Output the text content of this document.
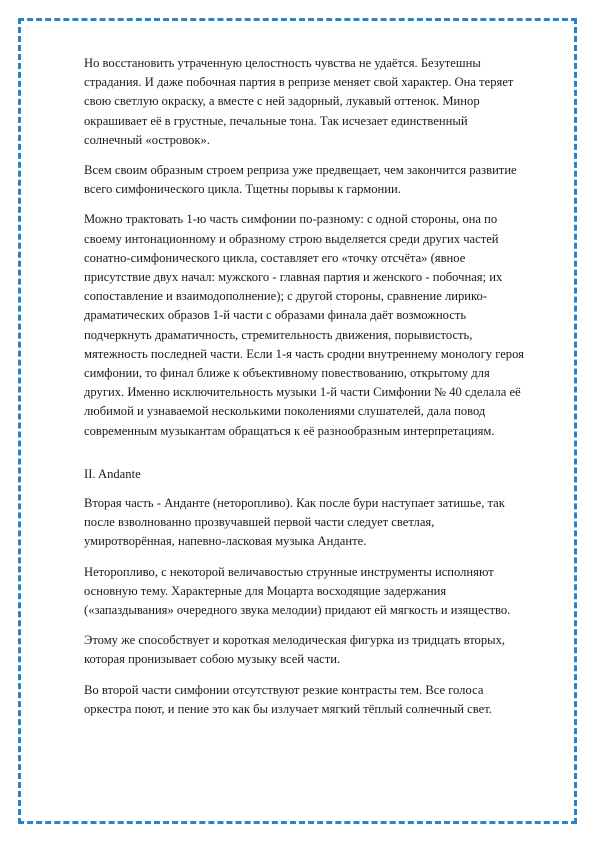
Но восстановить утраченную целостность чувства не удаётся. Безутешны страдания. И даже побочная партия в репризе меняет свой характер. Она теряет свою светлую окраску, а вместе с ней задорный, лукавый оттенок. Минор окрашивает её в грустные, печальные тона. Так исчезает единственный солнечный «островок».

Всем своим образным строем реприза уже предвещает, чем закончится развитие всего симфонического цикла. Тщетны порывы к гармонии.

Можно трактовать 1-ю часть симфонии по-разному: с одной стороны, она по своему интонационному и образному строю выделяется среди других частей сонатно-симфонического цикла, составляет его «точку отсчёта» (явное присутствие двух начал: мужского - главная партия и женского - побочная; их сопоставление и взаимодополнение); с другой стороны, сравнение лирико-драматических образов 1-й части с образами финала даёт возможность подчеркнуть драматичность, стремительность движения, порывистость, мятежность последней части. Если 1-я часть сродни внутреннему монологу героя симфонии, то финал ближе к объективному повествованию, открытому для других. Именно исключительность музыки 1-й части Симфонии № 40 сделала её любимой и узнаваемой несколькими поколениями слушателей, дала повод современным музыкантам обращаться к её разнообразным интерпретациям.

II. Andante

Вторая часть - Анданте (неторопливо). Как после бури наступает затишье, так после взволнованно прозвучавшей первой части следует светлая, умиротворённая, напевно-ласковая музыка Анданте.

Неторопливо, с некоторой величавостью струнные инструменты исполняют основную тему. Характерные для Моцарта восходящие задержания («запаздывания» очередного звука мелодии) придают ей мягкость и изящество.

Этому же способствует и короткая мелодическая фигурка из тридцать вторых, которая пронизывает собою музыку всей части.

Во второй части симфонии отсутствуют резкие контрасты тем. Все голоса оркестра поют, и пение это как бы излучает мягкий тёплый солнечный свет.
